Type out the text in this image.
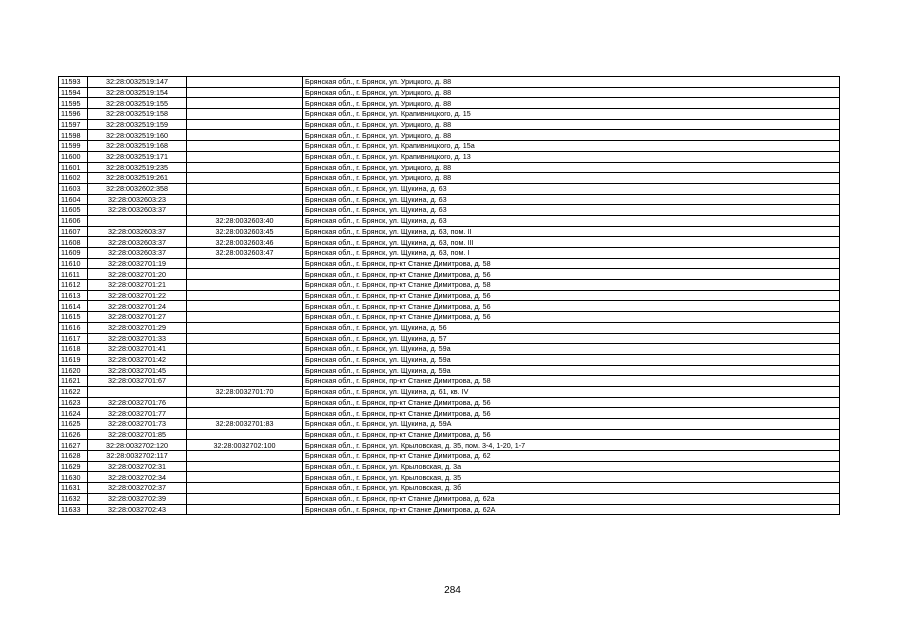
11593	32:28:0032519:147		Брянская обл., г. Брянск, ул. Урицкого, д. 88
11594	32:28:0032519:154		Брянская обл., г. Брянск, ул. Урицкого, д. 88
11595	32:28:0032519:155		Брянская обл., г. Брянск, ул. Урицкого, д. 88
11596	32:28:0032519:158		Брянская обл., г. Брянск, ул. Крапивницкого, д. 15
11597	32:28:0032519:159		Брянская обл., г. Брянск, ул. Урицкого, д. 88
11598	32:28:0032519:160		Брянская обл., г. Брянск, ул. Урицкого, д. 88
11599	32:28:0032519:168		Брянская обл., г. Брянск, ул. Крапивницкого, д. 15а
11600	32:28:0032519:171		Брянская обл., г. Брянск, ул. Крапивницкого, д. 13
11601	32:28:0032519:235		Брянская обл., г. Брянск, ул. Урицкого, д. 88
11602	32:28:0032519:261		Брянская обл., г. Брянск, ул. Урицкого, д. 88
11603	32:28:0032602:358		Брянская обл., г. Брянск, ул. Щукина, д. 63
11604	32:28:0032603:23		Брянская обл., г. Брянск, ул. Щукина, д. 63
11605	32:28:0032603:37		Брянская обл., г. Брянск, ул. Щукина, д. 63
11606		32:28:0032603:40	Брянская обл., г. Брянск, ул. Щукина, д. 63
11607	32:28:0032603:37	32:28:0032603:45	Брянская обл., г. Брянск, ул. Щукина, д. 63, пом. II
11608	32:28:0032603:37	32:28:0032603:46	Брянская обл., г. Брянск, ул. Щукина, д. 63, пом. III
11609	32:28:0032603:37	32:28:0032603:47	Брянская обл., г. Брянск, ул. Щукина, д. 63, пом. I
11610	32:28:0032701:19		Брянская обл., г. Брянск, пр-кт Станке Димитрова, д. 58
11611	32:28:0032701:20		Брянская обл., г. Брянск, пр-кт Станке Димитрова, д. 56
11612	32:28:0032701:21		Брянская обл., г. Брянск, пр-кт Станке Димитрова, д. 58
11613	32:28:0032701:22		Брянская обл., г. Брянск, пр-кт Станке Димитрова, д. 56
11614	32:28:0032701:24		Брянская обл., г. Брянск, пр-кт Станке Димитрова, д. 56
11615	32:28:0032701:27		Брянская обл., г. Брянск, пр-кт Станке Димитрова, д. 56
11616	32:28:0032701:29		Брянская обл., г. Брянск, ул. Щукина, д. 56
11617	32:28:0032701:33		Брянская обл., г. Брянск, ул. Щукина, д. 57
11618	32:28:0032701:41		Брянская обл., г. Брянск, ул. Щукина, д. 59а
11619	32:28:0032701:42		Брянская обл., г. Брянск, ул. Щукина, д. 59а
11620	32:28:0032701:45		Брянская обл., г. Брянск, ул. Щукина, д. 59а
11621	32:28:0032701:67		Брянская обл., г. Брянск, пр-кт Станке Димитрова, д. 58
11622		32:28:0032701:70	Брянская обл., г. Брянск, ул. Щукина, д. 61, кв. IV
11623	32:28:0032701:76		Брянская обл., г. Брянск, пр-кт Станке Димитрова, д. 56
11624	32:28:0032701:77		Брянская обл., г. Брянск, пр-кт Станке Димитрова, д. 56
11625	32:28:0032701:73	32:28:0032701:83	Брянская обл., г. Брянск, ул. Щукина, д. 59А
11626	32:28:0032701:85		Брянская обл., г. Брянск, пр-кт Станке Димитрова, д. 56
11627	32:28:0032702:120	32:28:0032702:100	Брянская обл., г. Брянск, ул. Крыловская, д. 35, пом. 3-4, 1-20, 1-7
11628	32:28:0032702:117		Брянская обл., г. Брянск, пр-кт Станке Димитрова, д. 62
11629	32:28:0032702:31		Брянская обл., г. Брянск, ул. Крыловская, д. 3а
11630	32:28:0032702:34		Брянская обл., г. Брянск, ул. Крыловская, д. 35
11631	32:28:0032702:37		Брянская обл., г. Брянск, ул. Крыловская, д. 3б
11632	32:28:0032702:39		Брянская обл., г. Брянск, пр-кт Станке Димитрова, д. 62а
11633	32:28:0032702:43		Брянская обл., г. Брянск, пр-кт Станке Димитрова, д. 62А
284
